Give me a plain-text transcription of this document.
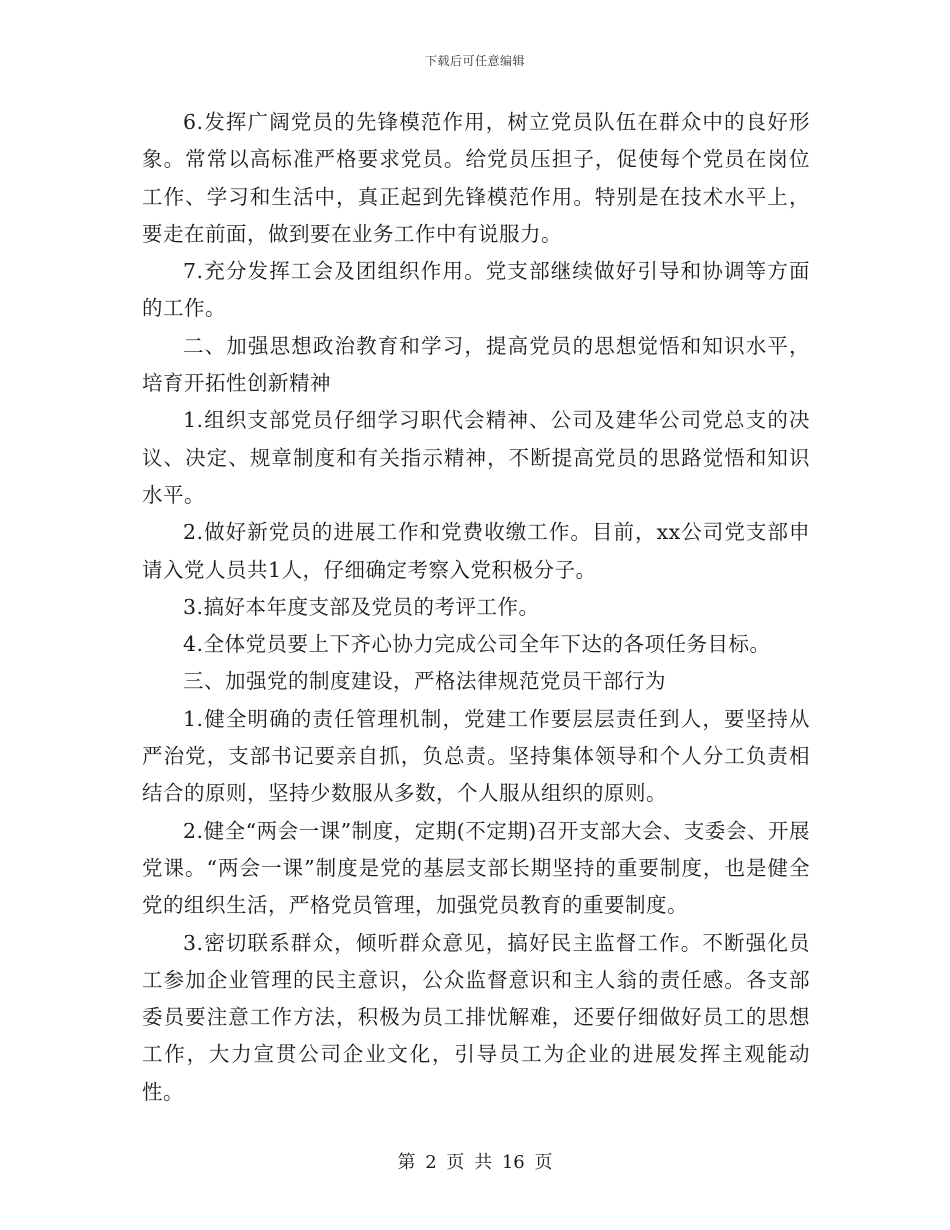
下载后可任意编辑

6.发挥广阔党员的先锋模范作用，树立党员队伍在群众中的良好形象。常常以高标准严格要求党员。给党员压担子，促使每个党员在岗位工作、学习和生活中，真正起到先锋模范作用。特别是在技术水平上，要走在前面，做到要在业务工作中有说服力。

7.充分发挥工会及团组织作用。党支部继续做好引导和协调等方面的工作。

二、加强思想政治教育和学习，提高党员的思想觉悟和知识水平，培育开拓性创新精神

1.组织支部党员仔细学习职代会精神、公司及建华公司党总支的决议、决定、规章制度和有关指示精神，不断提高党员的思路觉悟和知识水平。

2.做好新党员的进展工作和党费收缴工作。目前，xx公司党支部申请入党人员共1人，仔细确定考察入党积极分子。

3.搞好本年度支部及党员的考评工作。

4.全体党员要上下齐心协力完成公司全年下达的各项任务目标。

三、加强党的制度建设，严格法律规范党员干部行为

1.健全明确的责任管理机制，党建工作要层层责任到人，要坚持从严治党，支部书记要亲自抓，负总责。坚持集体领导和个人分工负责相结合的原则，坚持少数服从多数，个人服从组织的原则。

2.健全“两会一课”制度，定期(不定期)召开支部大会、支委会、开展党课。“两会一课”制度是党的基层支部长期坚持的重要制度，也是健全党的组织生活，严格党员管理，加强党员教育的重要制度。

3.密切联系群众，倾听群众意见，搞好民主监督工作。不断强化员工参加企业管理的民主意识，公众监督意识和主人翁的责任感。各支部委员要注意工作方法，积极为员工排忧解难，还要仔细做好员工的思想工作，大力宣贯公司企业文化，引导员工为企业的进展发挥主观能动性。

第 2 页 共 16 页
